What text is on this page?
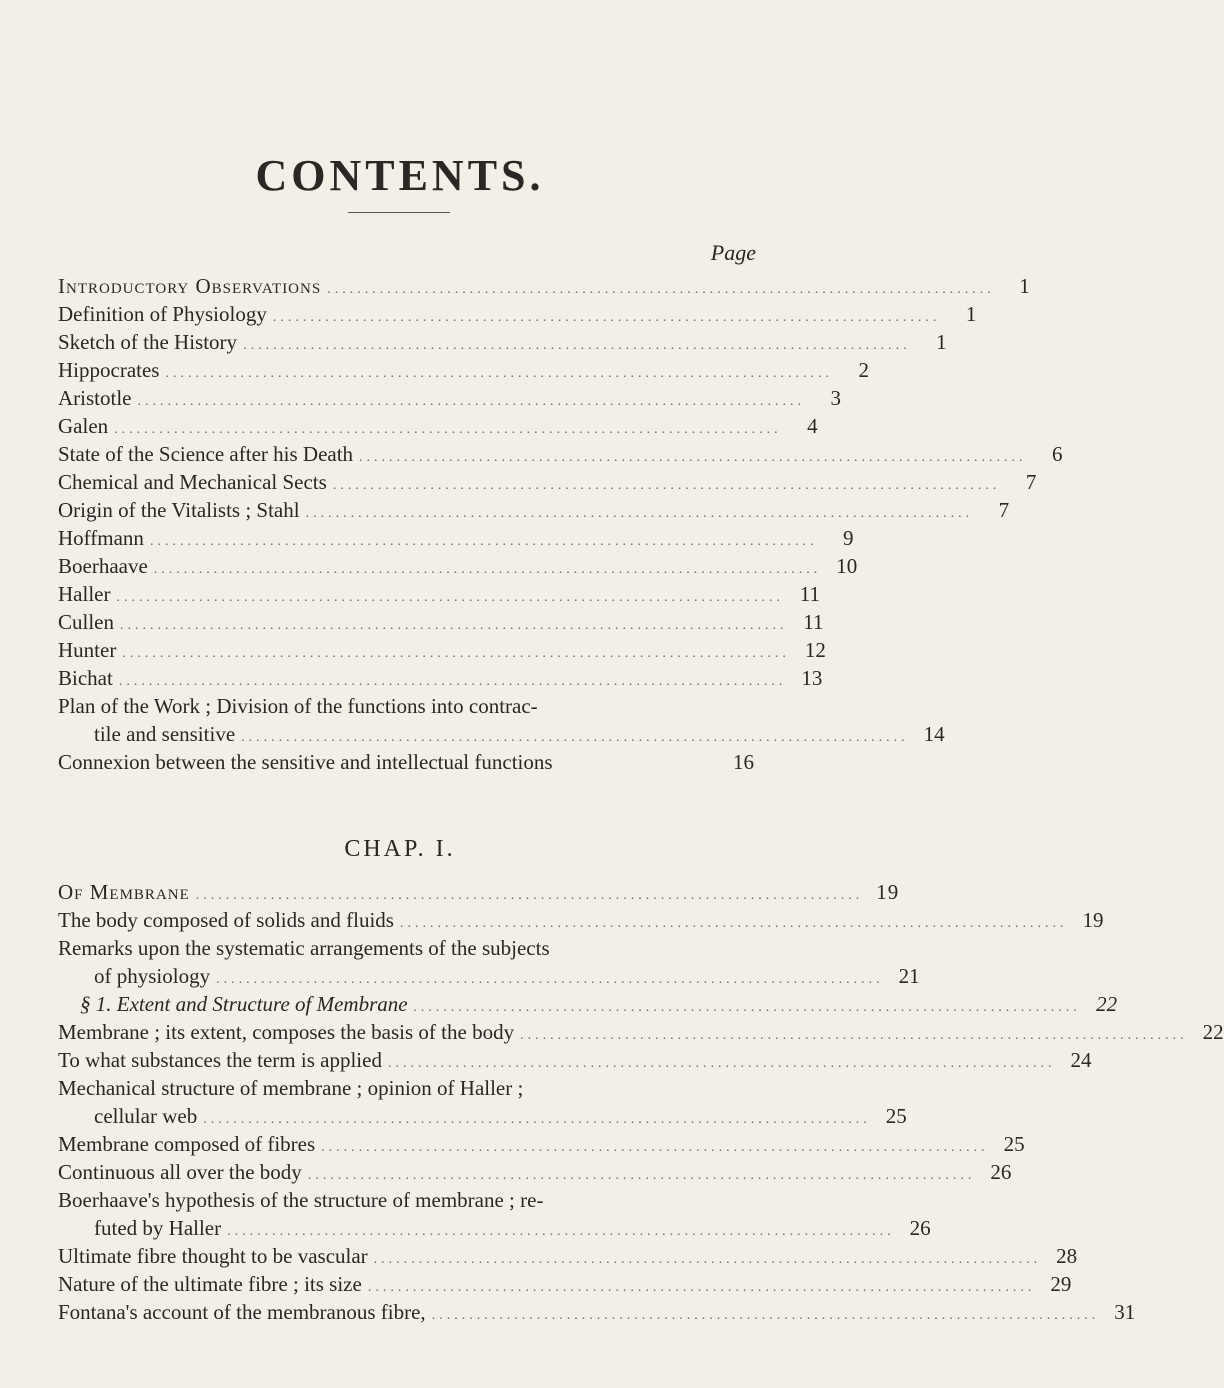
CONTENTS.
Page
Introductory Observations .........................................................................................	1
Definition of Physiology .........................................................................................	1
Sketch of the History .........................................................................................	1
Hippocrates .........................................................................................	2
Aristotle .........................................................................................	3
Galen .........................................................................................	4
State of the Science after his Death .........................................................................................	6
Chemical and Mechanical Sects .........................................................................................	7
Origin of the Vitalists ; Stahl .........................................................................................	7
Hoffmann .........................................................................................	9
Boerhaave ......................................................................................... 10
Haller ......................................................................................... 11
Cullen ......................................................................................... 11
Hunter ......................................................................................... 12
Bichat ......................................................................................... 13
Plan of the Work ; Division of the functions into contrac-
tile and sensitive ......................................................................................... 14
Connexion between the sensitive and intellectual functions	16
CHAP. I.
Of Membrane ......................................................................................... 19
The body composed of solids and fluids ......................................................................................... 19
Remarks upon the systematic arrangements of the subjects
of physiology ......................................................................................... 21
§ 1. Extent and Structure of Membrane ......................................................................................... 22
Membrane ; its extent, composes the basis of the body ......................................................................................... 22
To what substances the term is applied ......................................................................................... 24
Mechanical structure of membrane ; opinion of Haller ;
cellular web ......................................................................................... 25
Membrane composed of fibres ......................................................................................... 25
Continuous all over the body ......................................................................................... 26
Boerhaave's hypothesis of the structure of membrane ; re-
futed by Haller ......................................................................................... 26
Ultimate fibre thought to be vascular ......................................................................................... 28
Nature of the ultimate fibre ; its size ......................................................................................... 29
Fontana's account of the membranous fibre, ......................................................................................... 31
